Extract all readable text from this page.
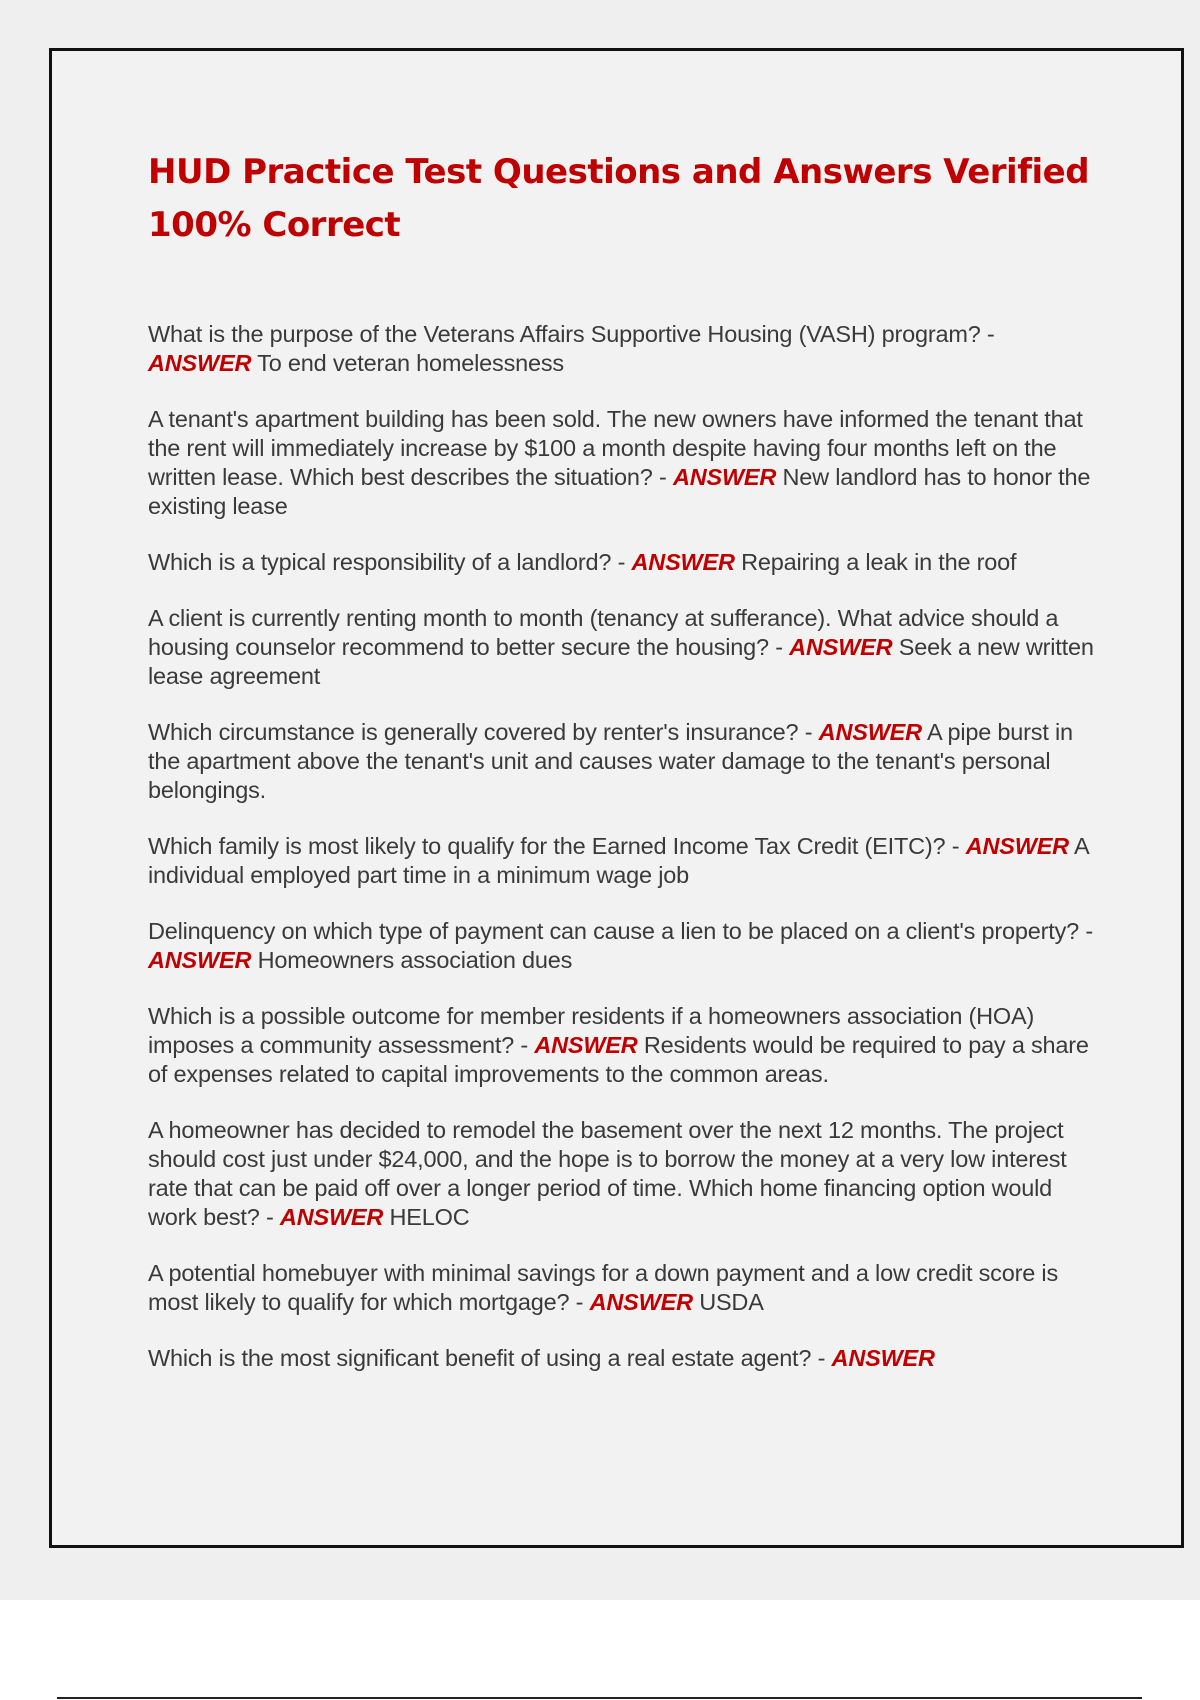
HUD Practice Test Questions and Answers Verified 100% Correct

What is the purpose of the Veterans Affairs Supportive Housing (VASH) program? - ANSWER To end veteran homelessness

A tenant's apartment building has been sold. The new owners have informed the tenant that the rent will immediately increase by $100 a month despite having four months left on the written lease. Which best describes the situation? - ANSWER New landlord has to honor the existing lease

Which is a typical responsibility of a landlord? - ANSWER Repairing a leak in the roof

A client is currently renting month to month (tenancy at sufferance). What advice should a housing counselor recommend to better secure the housing? - ANSWER Seek a new written lease agreement

Which circumstance is generally covered by renter's insurance? - ANSWER A pipe burst in the apartment above the tenant's unit and causes water damage to the tenant's personal belongings.

Which family is most likely to qualify for the Earned Income Tax Credit (EITC)? - ANSWER A individual employed part time in a minimum wage job

Delinquency on which type of payment can cause a lien to be placed on a client's property? - ANSWER Homeowners association dues

Which is a possible outcome for member residents if a homeowners association (HOA) imposes a community assessment? - ANSWER Residents would be required to pay a share of expenses related to capital improvements to the common areas.

A homeowner has decided to remodel the basement over the next 12 months. The project should cost just under $24,000, and the hope is to borrow the money at a very low interest rate that can be paid off over a longer period of time. Which home financing option would work best? - ANSWER HELOC

A potential homebuyer with minimal savings for a down payment and a low credit score is most likely to qualify for which mortgage? - ANSWER USDA

Which is the most significant benefit of using a real estate agent? - ANSWER
